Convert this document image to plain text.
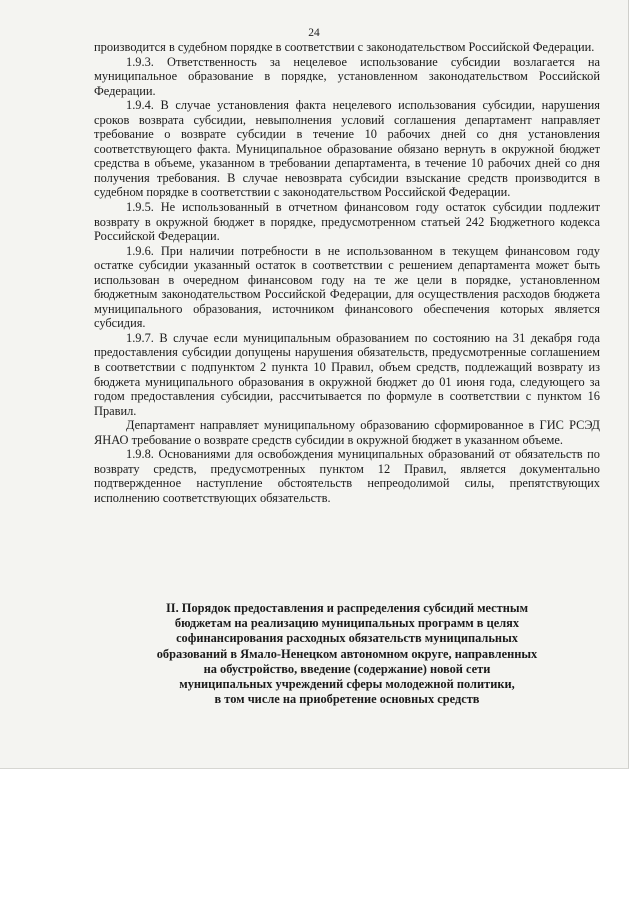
24

производится в судебном порядке в соответствии с законодательством Российской Федерации.

1.9.3. Ответственность за нецелевое использование субсидии возлагается на муниципальное образование в порядке, установленном законодательством Российской Федерации.

1.9.4. В случае установления факта нецелевого использования субсидии, нарушения сроков возврата субсидии, невыполнения условий соглашения департамент направляет требование о возврате субсидии в течение 10 рабочих дней со дня установления соответствующего факта. Муниципальное образование обязано вернуть в окружной бюджет средства в объеме, указанном в требовании департамента, в течение 10 рабочих дней со дня получения требования. В случае невозврата субсидии взыскание средств производится в судебном порядке в соответствии с законодательством Российской Федерации.

1.9.5. Не использованный в отчетном финансовом году остаток субсидии подлежит возврату в окружной бюджет в порядке, предусмотренном статьей 242 Бюджетного кодекса Российской Федерации.

1.9.6. При наличии потребности в не использованном в текущем финансовом году остатке субсидии указанный остаток в соответствии с решением департамента может быть использован в очередном финансовом году на те же цели в порядке, установленном бюджетным законодательством Российской Федерации, для осуществления расходов бюджета муниципального образования, источником финансового обеспечения которых является субсидия.

1.9.7. В случае если муниципальным образованием по состоянию на 31 декабря года предоставления субсидии допущены нарушения обязательств, предусмотренные соглашением в соответствии с подпунктом 2 пункта 10 Правил, объем средств, подлежащий возврату из бюджета муниципального образования в окружной бюджет до 01 июня года, следующего за годом предоставления субсидии, рассчитывается по формуле в соответствии с пунктом 16 Правил.

Департамент направляет муниципальному образованию сформированное в ГИС РСЭД ЯНАО требование о возврате средств субсидии в окружной бюджет в указанном объеме.

1.9.8. Основаниями для освобождения муниципальных образований от обязательств по возврату средств, предусмотренных пунктом 12 Правил, является документально подтвержденное наступление обстоятельств непреодолимой силы, препятствующих исполнению соответствующих обязательств.

II. Порядок предоставления и распределения субсидий местным
бюджетам на реализацию муниципальных программ в целях
софинансирования расходных обязательств муниципальных
образований в Ямало-Ненецком автономном округе, направленных
на обустройство, введение (содержание) новой сети
муниципальных учреждений сферы молодежной политики,
в том числе на приобретение основных средств
